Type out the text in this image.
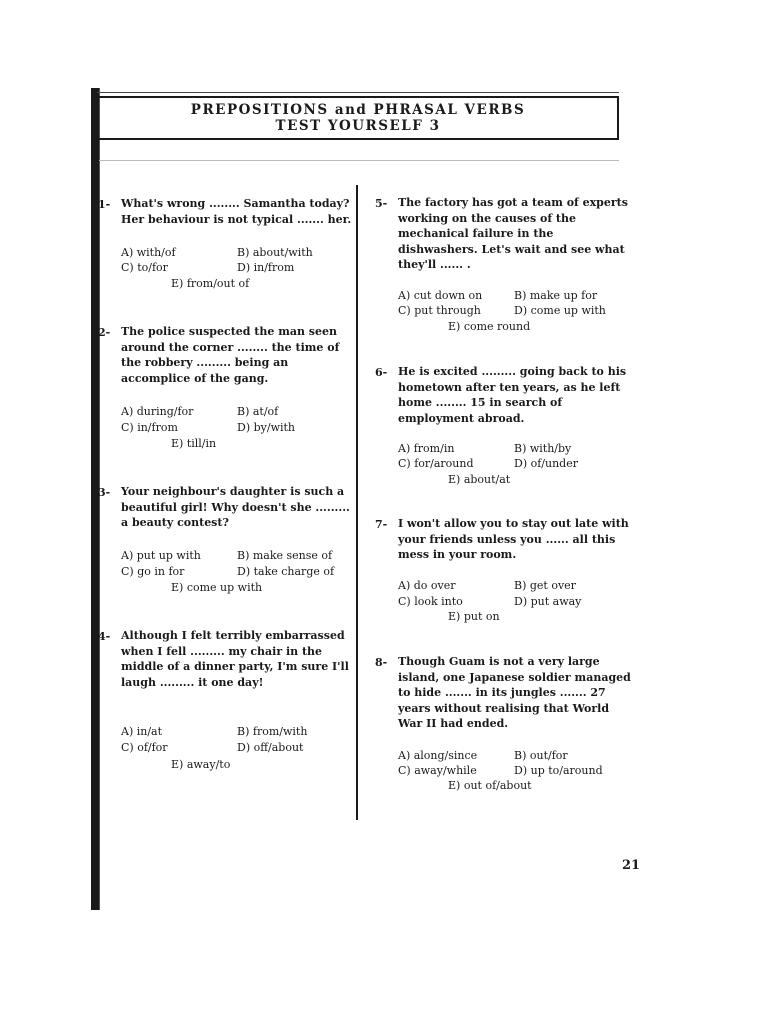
PREPOSITIONS and PHRASAL VERBS
TEST YOURSELF 3
1- What's wrong ........ Samantha today?
Her behaviour is not typical ....... her.
A) with/of	B) about/with
C) to/for	D) in/from
E) from/out of
2- The police suspected the man seen
around the corner ........ the time of
the robbery ......... being an
accomplice of the gang.
A) during/for	B) at/of
C) in/from	D) by/with
E) till/in
3- Your neighbour's daughter is such a
beautiful girl! Why doesn't she .........
a beauty contest?
A) put up with	B) make sense of
C) go in for	D) take charge of
E) come up with
4- Although I felt terribly embarrassed
when I fell ......... my chair in the
middle of a dinner party, I'm sure I'll
laugh ......... it one day!
A) in/at	B) from/with
C) of/for	D) off/about
E) away/to
5- The factory has got a team of experts
working on the causes of the
mechanical failure in the
dishwashers. Let's wait and see what
they'll ...... .
A) cut down on	B) make up for
C) put through	D) come up with
E) come round
6- He is excited ......... going back to his
hometown after ten years, as he left
home ........ 15 in search of
employment abroad.
A) from/in	B) with/by
C) for/around	D) of/under
E) about/at
7- I won't allow you to stay out late with
your friends unless you ...... all this
mess in your room.
A) do over	B) get over
C) look into	D) put away
E) put on
8- Though Guam is not a very large
island, one Japanese soldier managed
to hide ....... in its jungles ....... 27
years without realising that World
War II had ended.
A) along/since	B) out/for
C) away/while	D) up to/around
E) out of/about
21
